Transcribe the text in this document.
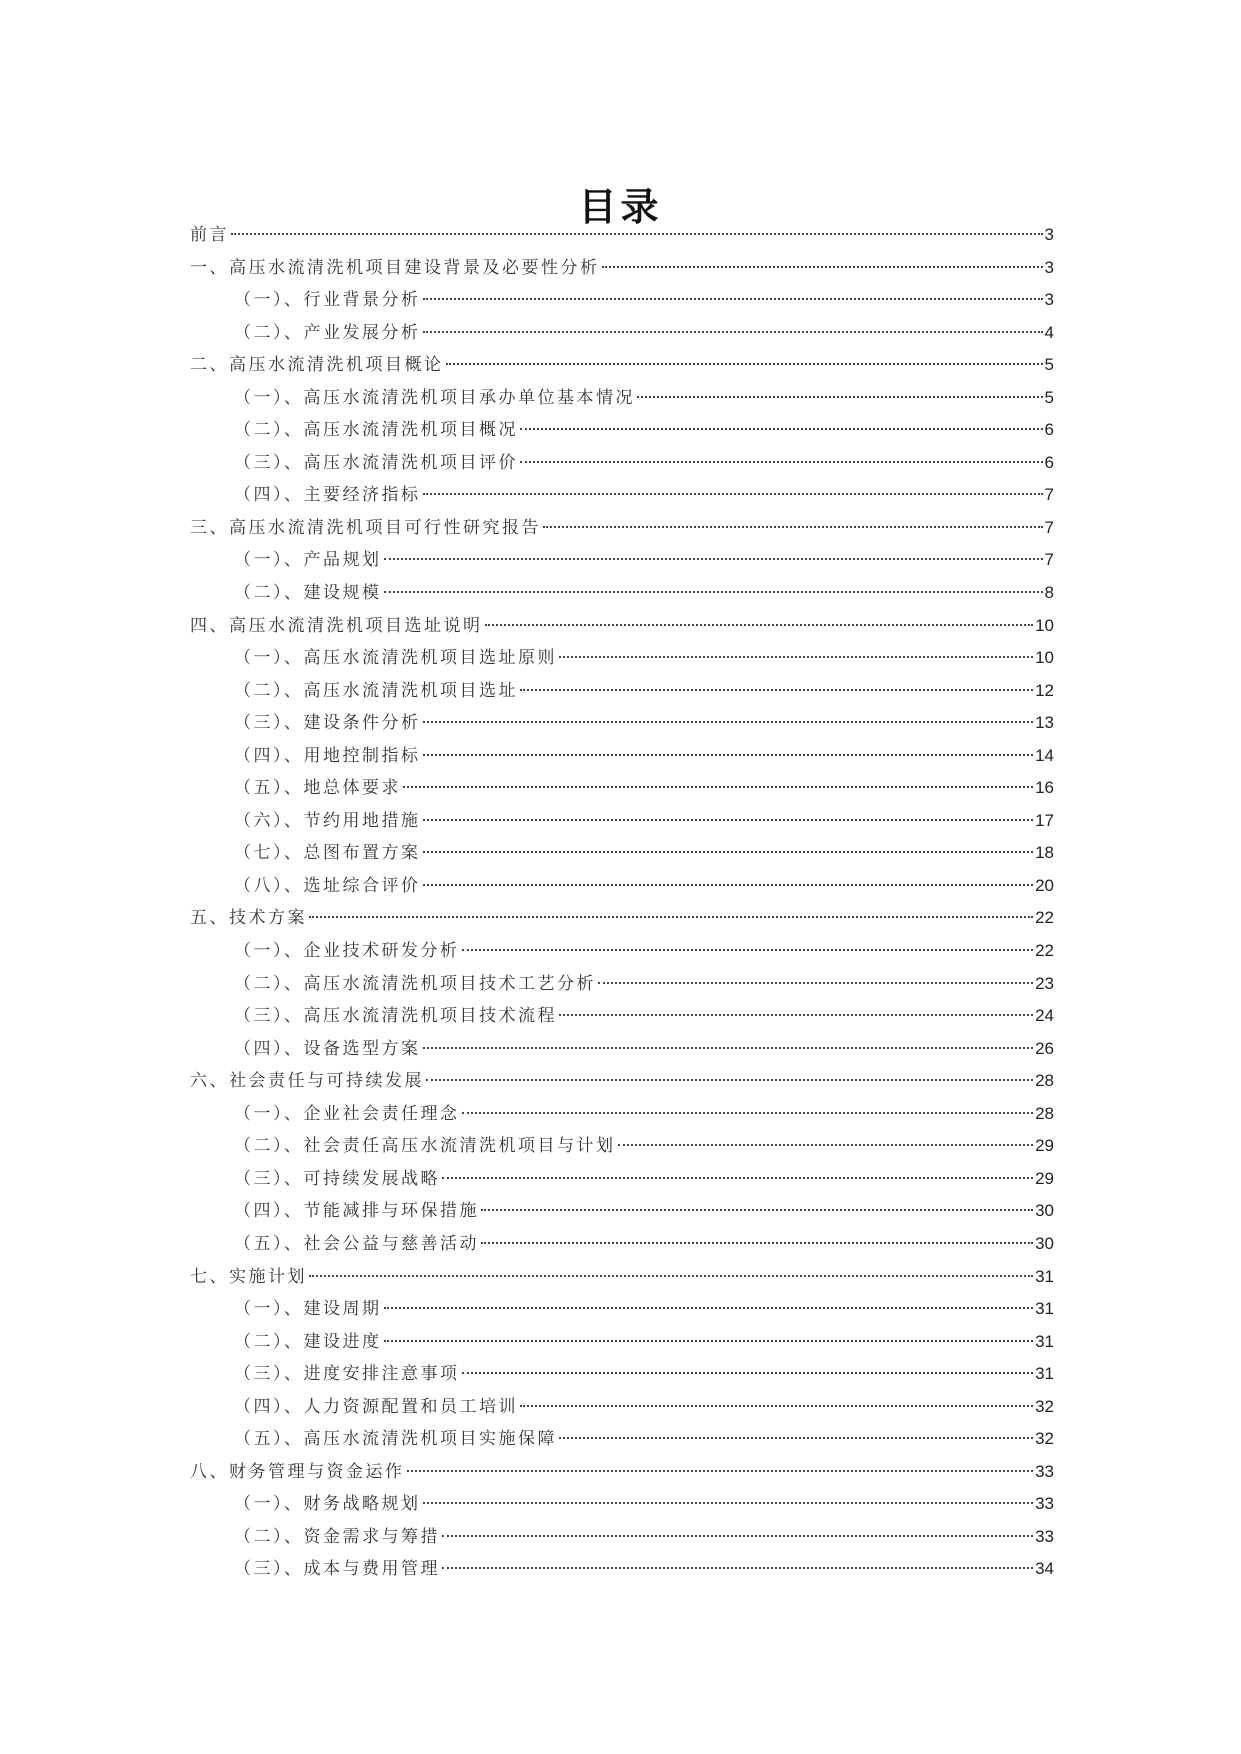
目录
前言	3
一、高压水流清洗机项目建设背景及必要性分析	3
（一）、行业背景分析	3
（二）、产业发展分析	4
二、高压水流清洗机项目概论	5
（一）、高压水流清洗机项目承办单位基本情况	5
（二）、高压水流清洗机项目概况	6
（三）、高压水流清洗机项目评价	6
（四）、主要经济指标	7
三、高压水流清洗机项目可行性研究报告	7
（一）、产品规划	7
（二）、建设规模	8
四、高压水流清洗机项目选址说明	10
（一）、高压水流清洗机项目选址原则	10
（二）、高压水流清洗机项目选址	12
（三）、建设条件分析	13
（四）、用地控制指标	14
（五）、地总体要求	16
（六）、节约用地措施	17
（七）、总图布置方案	18
（八）、选址综合评价	20
五、技术方案	22
（一）、企业技术研发分析	22
（二）、高压水流清洗机项目技术工艺分析	23
（三）、高压水流清洗机项目技术流程	24
（四）、设备选型方案	26
六、社会责任与可持续发展	28
（一）、企业社会责任理念	28
（二）、社会责任高压水流清洗机项目与计划	29
（三）、可持续发展战略	29
（四）、节能减排与环保措施	30
（五）、社会公益与慈善活动	30
七、实施计划	31
（一）、建设周期	31
（二）、建设进度	31
（三）、进度安排注意事项	31
（四）、人力资源配置和员工培训	32
（五）、高压水流清洗机项目实施保障	32
八、财务管理与资金运作	33
（一）、财务战略规划	33
（二）、资金需求与筹措	33
（三）、成本与费用管理	34
